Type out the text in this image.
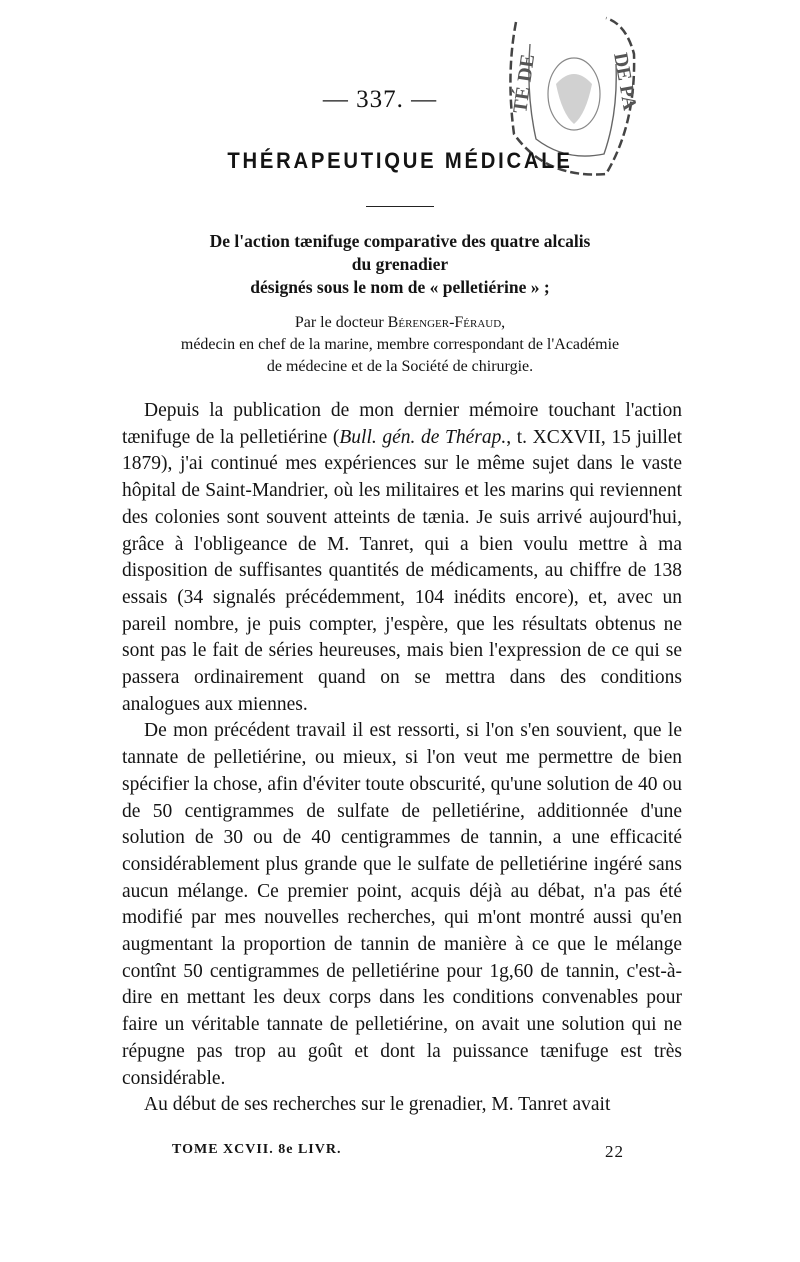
— 337. —	TÉ DE	DE PA
THÉRAPEUTIQUE MÉDICALE
De l'action tænifuge comparative des quatre alcalis
du grenadier
désignés sous le nom de « pelletiérine » ;
Par le docteur Bérenger-Féraud,
médecin en chef de la marine, membre correspondant de l'Académie
de médecine et de la Société de chirurgie.

Depuis la publication de mon dernier mémoire touchant l'action tænifuge de la pelletiérine (Bull. gén. de Thérap., t. XCXVII, 15 juillet 1879), j'ai continué mes expériences sur le même sujet dans le vaste hôpital de Saint-Mandrier, où les militaires et les marins qui reviennent des colonies sont souvent atteints de tænia. Je suis arrivé aujourd'hui, grâce à l'obligeance de M. Tanret, qui a bien voulu mettre à ma disposition de suffisantes quantités de médicaments, au chiffre de 138 essais (34 signalés précédemment, 104 inédits encore), et, avec un pareil nombre, je puis compter, j'espère, que les résultats obtenus ne sont pas le fait de séries heureuses, mais bien l'expression de ce qui se passera ordinairement quand on se mettra dans des conditions analogues aux miennes.

De mon précédent travail il est ressorti, si l'on s'en souvient, que le tannate de pelletiérine, ou mieux, si l'on veut me permettre de bien spécifier la chose, afin d'éviter toute obscurité, qu'une solution de 40 ou de 50 centigrammes de sulfate de pelletiérine, additionnée d'une solution de 30 ou de 40 centigrammes de tannin, a une efficacité considérablement plus grande que le sulfate de pelletiérine ingéré sans aucun mélange. Ce premier point, acquis déjà au débat, n'a pas été modifié par mes nouvelles recherches, qui m'ont montré aussi qu'en augmentant la proportion de tannin de manière à ce que le mélange contînt 50 centigrammes de pelletiérine pour 1g,60 de tannin, c'est-à-dire en mettant les deux corps dans les conditions convenables pour faire un véritable tannate de pelletiérine, on avait une solution qui ne répugne pas trop au goût et dont la puissance tænifuge est très considérable.

Au début de ses recherches sur le grenadier, M. Tanret avait

TOME XCVII. 8e LIVR.	22
